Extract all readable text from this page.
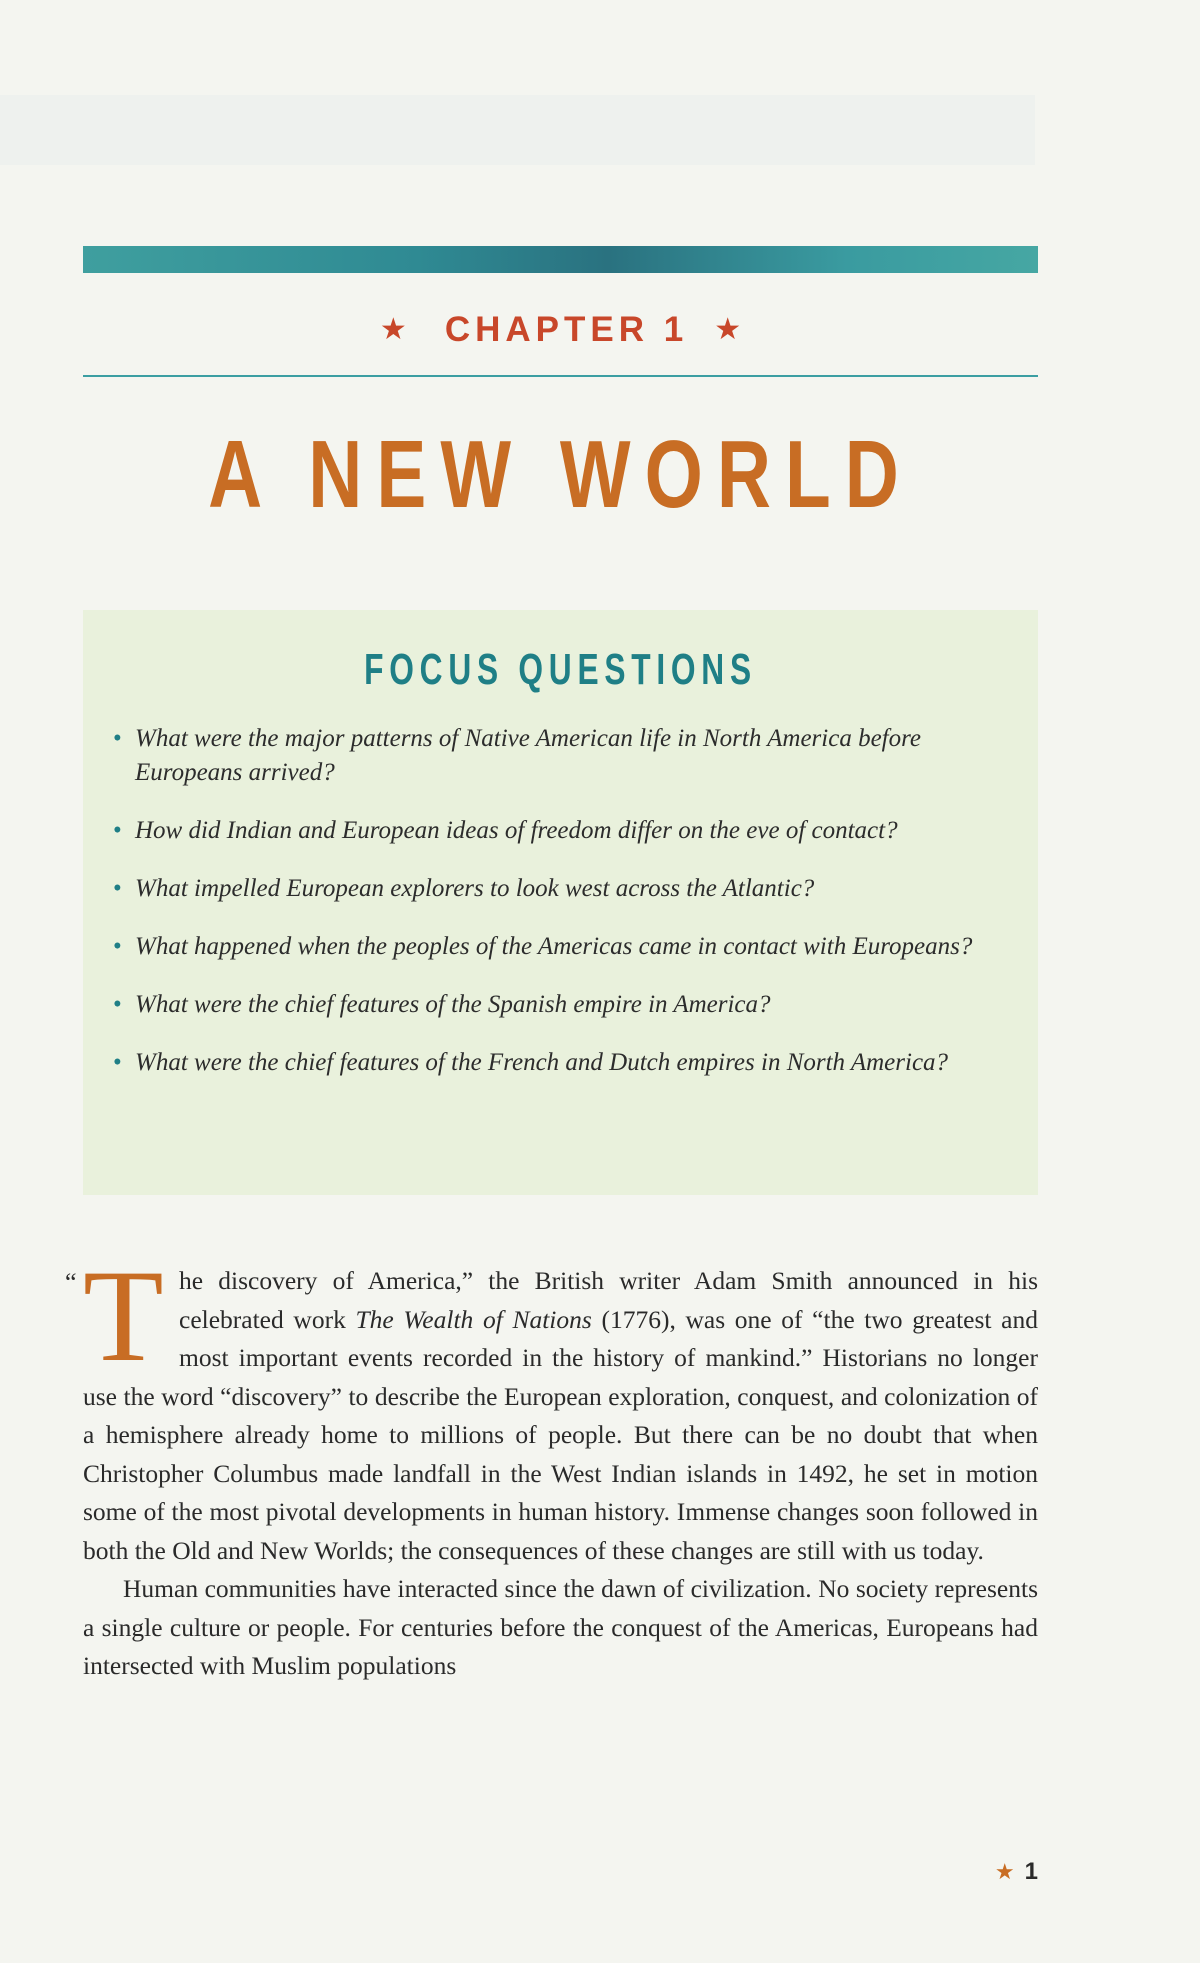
★ CHAPTER 1 ★
A NEW WORLD
FOCUS QUESTIONS
• What were the major patterns of Native American life in North America before Europeans arrived?
• How did Indian and European ideas of freedom differ on the eve of contact?
• What impelled European explorers to look west across the Atlantic?
• What happened when the peoples of the Americas came in contact with Europeans?
• What were the chief features of the Spanish empire in America?
• What were the chief features of the French and Dutch empires in North America?

“ T he discovery of America,” the British writer Adam Smith announced in his celebrated work The Wealth of Nations (1776), was one of “the two greatest and most important events recorded in the history of mankind.” Historians no longer use the word “discovery” to describe the European exploration, conquest, and colonization of a hemisphere already home to millions of people. But there can be no doubt that when Christopher Columbus made landfall in the West Indian islands in 1492, he set in motion some of the most pivotal developments in human history. Immense changes soon followed in both the Old and New Worlds; the consequences of these changes are still with us today.

Human communities have interacted since the dawn of civilization. No society represents a single culture or people. For centuries before the conquest of the Americas, Europeans had intersected with Muslim populations

★ 1
